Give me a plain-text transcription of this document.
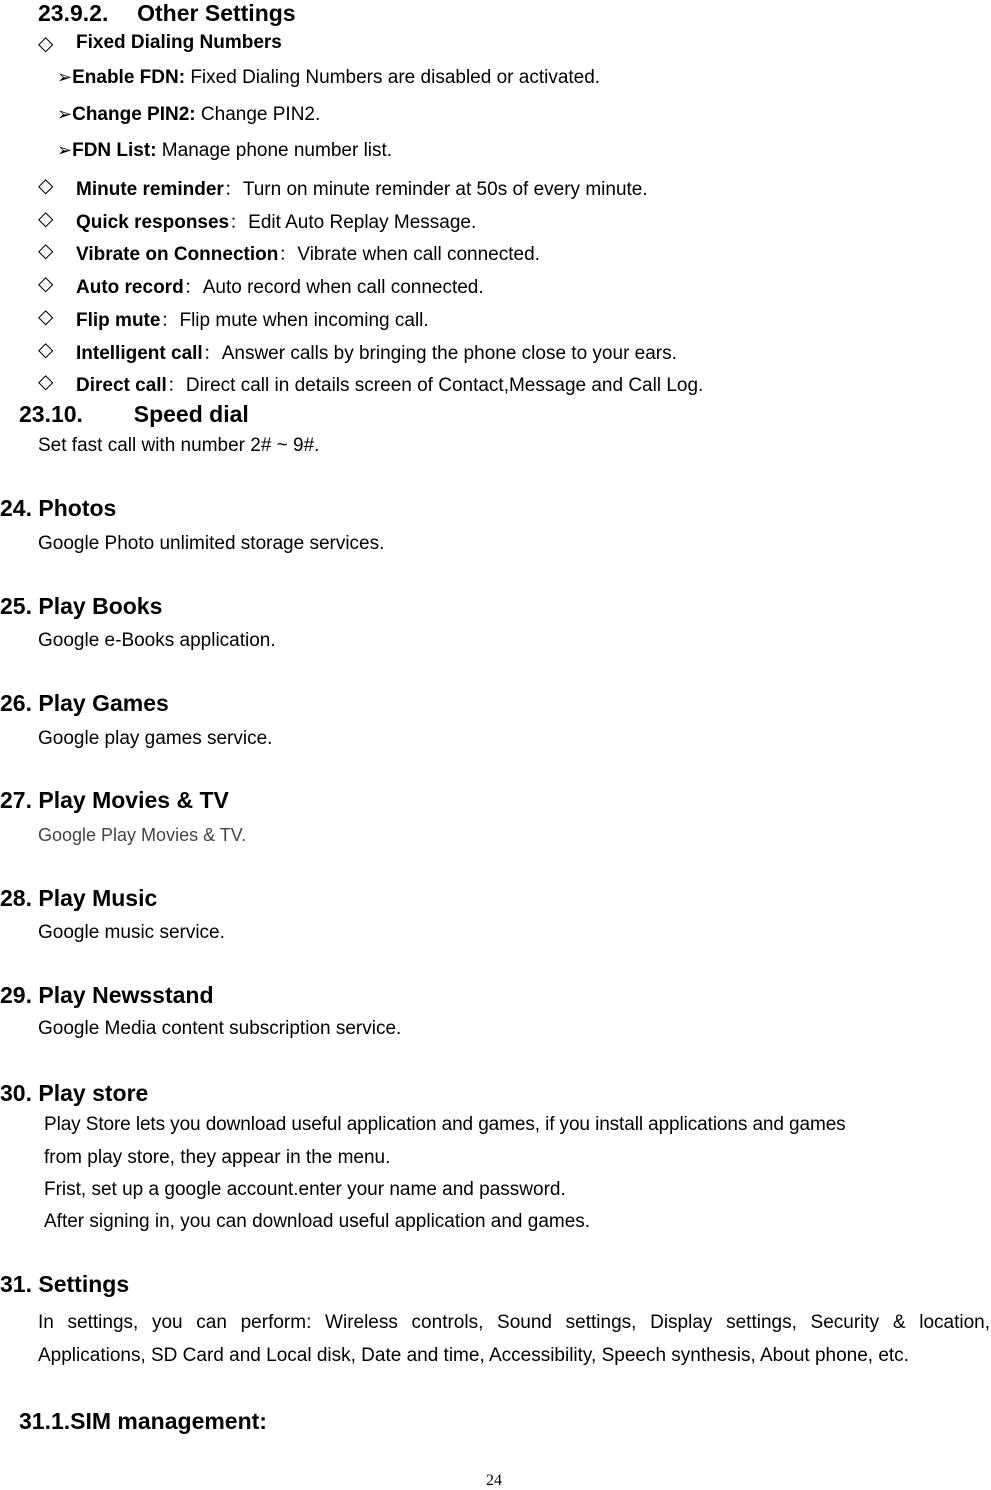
23.9.2. Other Settings
◇ Fixed Dialing Numbers
➢Enable FDN: Fixed Dialing Numbers are disabled or activated.
➢Change PIN2: Change PIN2.
➢FDN List: Manage phone number list.
◇ Minute reminder：Turn on minute reminder at 50s of every minute.
◇ Quick responses：Edit Auto Replay Message.
◇ Vibrate on Connection：Vibrate when call connected.
◇ Auto record：Auto record when call connected.
◇ Flip mute：Flip mute when incoming call.
◇ Intelligent call：Answer calls by bringing the phone close to your ears.
◇ Direct call：Direct call in details screen of Contact,Message and Call Log.
23.10. Speed dial
Set fast call with number 2# ~ 9#.
24. Photos
Google Photo unlimited storage services.
25. Play Books
Google e-Books application.
26. Play Games
Google play games service.
27. Play Movies & TV
Google Play Movies & TV.
28. Play Music
Google music service.
29. Play Newsstand
Google Media content subscription service.
30. Play store
Play Store lets you download useful application and games, if you install applications and games
from play store, they appear in the menu.
Frist, set up a google account.enter your name and password.
After signing in, you can download useful application and games.
31. Settings
In settings, you can perform: Wireless controls, Sound settings, Display settings, Security & location, Applications, SD Card and Local disk, Date and time, Accessibility, Speech synthesis, About phone, etc.
31.1.SIM management:
24
